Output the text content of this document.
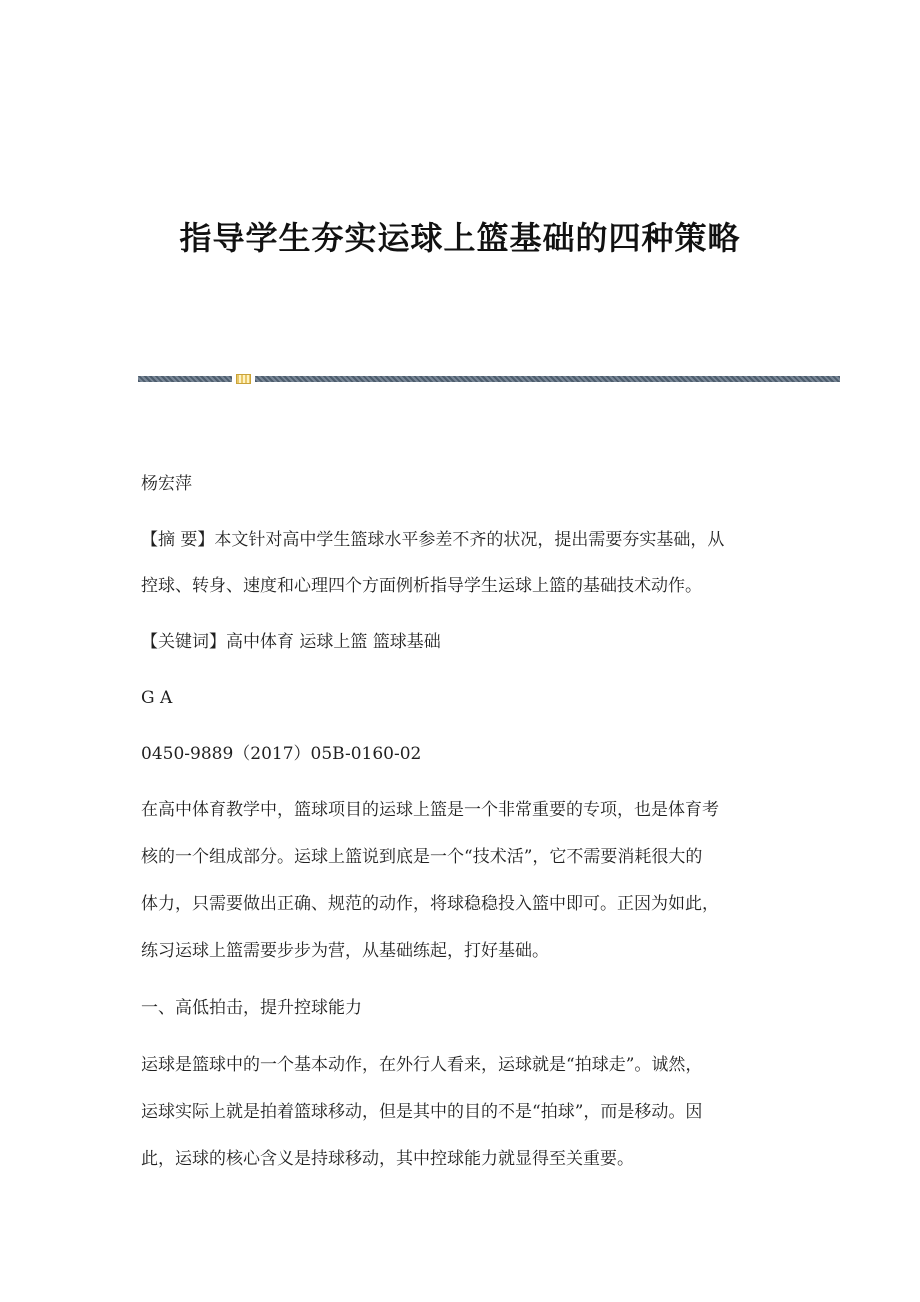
指导学生夯实运球上篮基础的四种策略
杨宏萍
【摘 要】本文针对高中学生篮球水平参差不齐的状况，提出需要夯实基础，从
控球、转身、速度和心理四个方面例析指导学生运球上篮的基础技术动作。
【关键词】高中体育 运球上篮 篮球基础
G A
0450-9889（2017）05B-0160-02
在高中体育教学中，篮球项目的运球上篮是一个非常重要的专项，也是体育考
核的一个组成部分。运球上篮说到底是一个“技术活”，它不需要消耗很大的
体力，只需要做出正确、规范的动作，将球稳稳投入篮中即可。正因为如此，
练习运球上篮需要步步为营，从基础练起，打好基础。
一、高低拍击，提升控球能力
运球是篮球中的一个基本动作，在外行人看来，运球就是“拍球走”。诚然，
运球实际上就是拍着篮球移动，但是其中的目的不是“拍球”，而是移动。因
此，运球的核心含义是持球移动，其中控球能力就显得至关重要。
